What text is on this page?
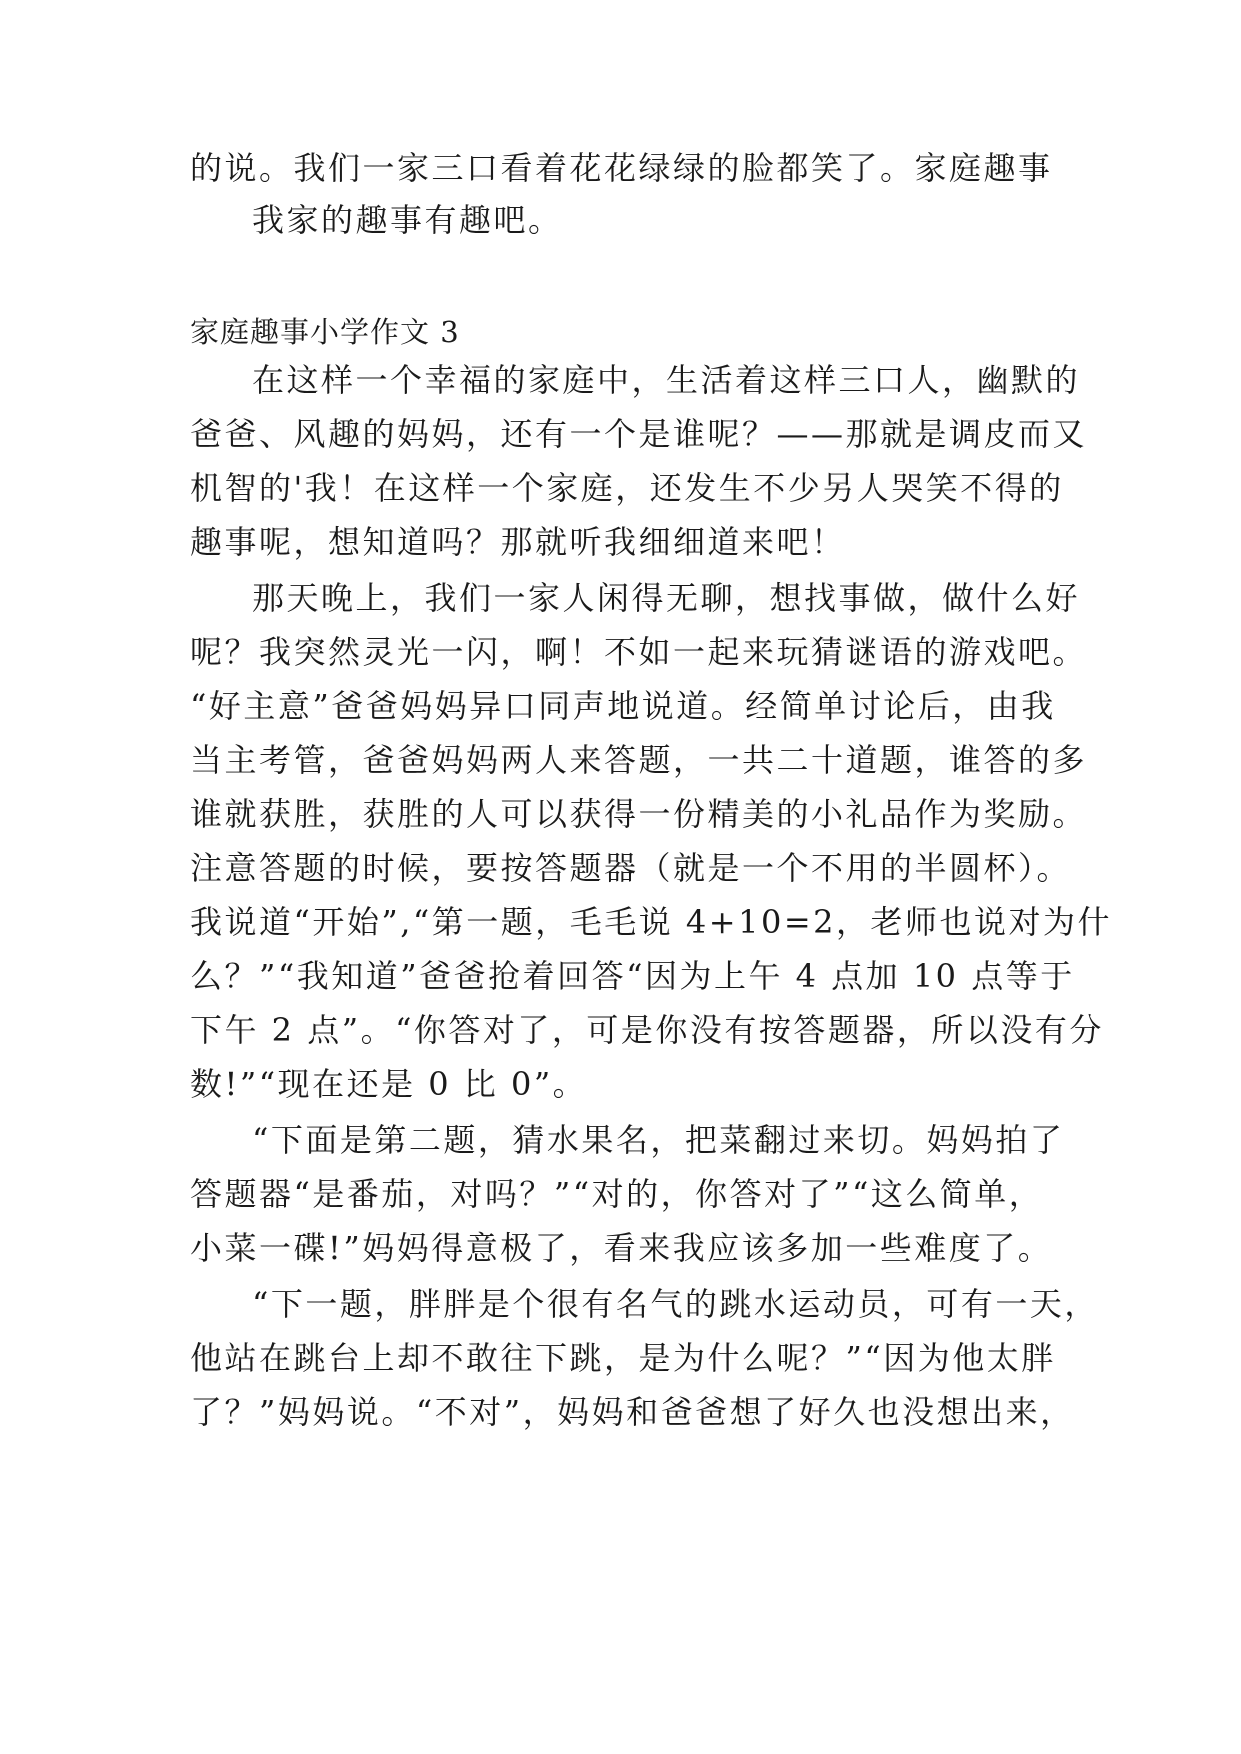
的说。我们一家三口看着花花绿绿的脸都笑了。家庭趣事
我家的趣事有趣吧。
家庭趣事小学作文 3
在这样一个幸福的家庭中，生活着这样三口人，幽默的
爸爸、风趣的妈妈，还有一个是谁呢？——那就是调皮而又
机智的'我！在这样一个家庭，还发生不少另人哭笑不得的
趣事呢，想知道吗？那就听我细细道来吧！
那天晚上，我们一家人闲得无聊，想找事做，做什么好
呢？我突然灵光一闪，啊！不如一起来玩猜谜语的游戏吧。
“好主意”爸爸妈妈异口同声地说道。经简单讨论后，由我
当主考管，爸爸妈妈两人来答题，一共二十道题，谁答的多
谁就获胜，获胜的人可以获得一份精美的小礼品作为奖励。
注意答题的时候，要按答题器（就是一个不用的半圆杯）。
我说道“开始”,“第一题，毛毛说 4+10=2，老师也说对为什
么？”“我知道”爸爸抢着回答“因为上午 4 点加 10 点等于
下午 2 点”。“你答对了，可是你没有按答题器，所以没有分
数!”“现在还是 0 比 0”。
“下面是第二题，猜水果名，把菜翻过来切。妈妈拍了
答题器“是番茄，对吗？”“对的，你答对了”“这么简单，
小菜一碟!”妈妈得意极了，看来我应该多加一些难度了。
“下一题，胖胖是个很有名气的跳水运动员，可有一天，
他站在跳台上却不敢往下跳，是为什么呢？”“因为他太胖
了？”妈妈说。“不对”，妈妈和爸爸想了好久也没想出来，
